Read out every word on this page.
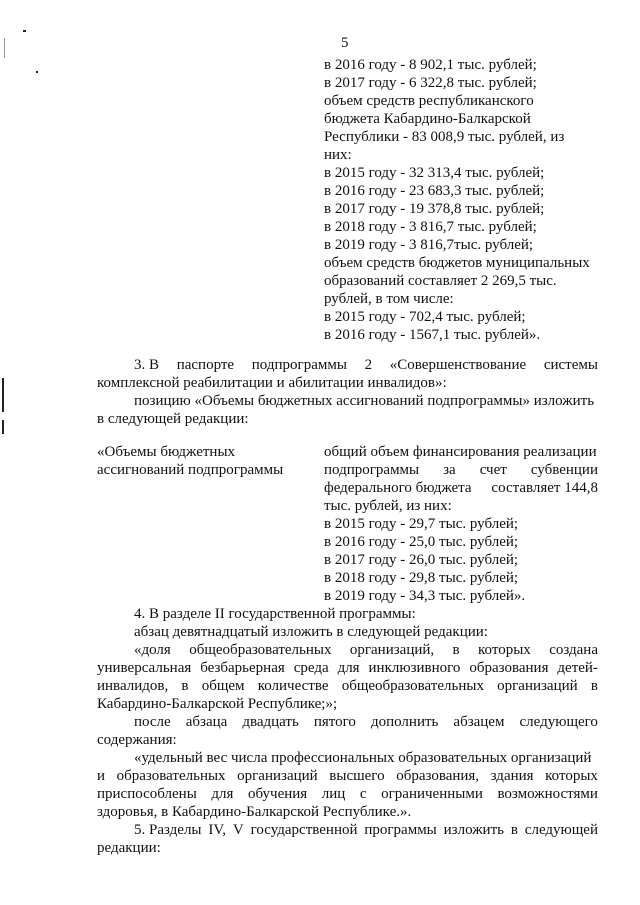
5
в 2016 году - 8 902,1 тыс. рублей;
в 2017 году - 6 322,8 тыс. рублей;
объем средств республиканского
бюджета Кабардино-Балкарской
Республики - 83 008,9 тыс. рублей, из
них:
в 2015 году - 32 313,4 тыс. рублей;
в 2016 году - 23 683,3 тыс. рублей;
в 2017 году - 19 378,8 тыс. рублей;
в 2018 году - 3 816,7 тыс. рублей;
в 2019 году - 3 816,7тыс. рублей;
объем средств бюджетов муниципальных
образований составляет 2 269,5 тыс.
рублей, в том числе:
в 2015 году - 702,4 тыс. рублей;
в 2016 году - 1567,1 тыс. рублей».
3. В паспорте подпрограммы 2 «Совершенствование системы
комплексной реабилитации и абилитации инвалидов»:
позицию «Объемы бюджетных ассигнований подпрограммы» изложить
в следующей редакции:
«Объемы бюджетных
ассигнований подпрограммы
общий объем финансирования реализации
подпрограммы за счет субвенции
федерального бюджета составляет 144,8
тыс. рублей, из них:
в 2015 году - 29,7 тыс. рублей;
в 2016 году - 25,0 тыс. рублей;
в 2017 году - 26,0 тыс. рублей;
в 2018 году - 29,8 тыс. рублей;
в 2019 году - 34,3 тыс. рублей».
4. В разделе II государственной программы:
абзац девятнадцатый изложить в следующей редакции:
«доля общеобразовательных организаций, в которых создана
универсальная безбарьерная среда для инклюзивного образования детей-
инвалидов, в общем количестве общеобразовательных организаций в
Кабардино-Балкарской Республике;»;
после абзаца двадцать пятого дополнить абзацем следующего
содержания:
«удельный вес числа профессиональных образовательных организаций
и образовательных организаций высшего образования, здания которых
приспособлены для обучения лиц с ограниченными возможностями
здоровья, в Кабардино-Балкарской Республике.».
5. Разделы IV, V государственной программы изложить в следующей
редакции:
